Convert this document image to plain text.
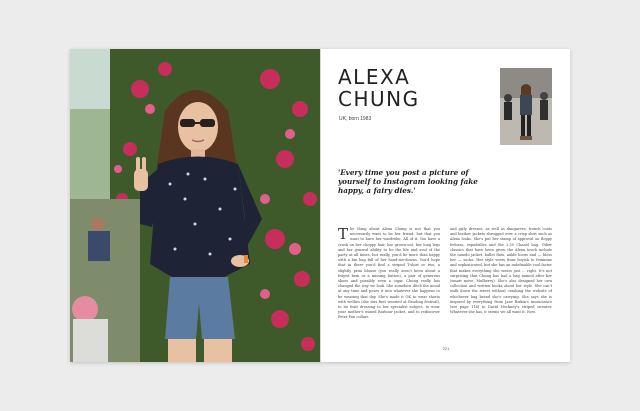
ALEXA
CHUNG
UK, born 1983

'Every time you post a picture of yourself to Instagram looking fake happy, a fairy dies.'

The thing about Alexa Chung is not that you necessarily want to be her friend, but that you want to have her wardrobe. All of it. You have a crush on her choppy hair, her grown-out, her long legs and her general ability to be the life and soul of the party at all times, but really, you'd be more than happy with a bin bag full of her hand-me-downs. You'd hope that in there you'd find a striped T-shirt or two, a slightly prim blouse (you really aren't keen about a frayed hem or a missing button), a pair of generous shoes and possibly even a cigar. Chung really has changed the way we look. She somehow ditch the mood at any time and poses it into whatever she happens to be wearing that day. She's made it OK to wear shorts with wellies (she was first wearied at Reading festival), to tie fruit dressing to her specialist subject, to wear your mother's waxed Barbour jacket, and to rediscover Peter Pan collars

and girly dresses, as well as dungarees, trench coats and leather jackets shrugged over a crisp shirt such as Alexa looks. She's put her stamp of approval on floppy fedoras, espadrilles and the 2.55 Chanel bag. Other classics that have been given the Alexa touch include the tuxedo jacket, ballet flats, ankle boots and — bless her — socks. Her style veers from boyish to feminine and sophisticated, but she has an indefinable cool factor that makes everything she wears just ... right. It's not surprising that Chung has had a bag named after her (smart move, Mulberry). She's also designed her own collection and written books about her style. She can't walk down the street without crashing the website of whichever bag brand she's carrying. She says she is inspired by everything from Jane Birkin's insouciance (see page 116) to David Hockney's striped sweater. Whatever she has, it seems we all want it. Now.

221
